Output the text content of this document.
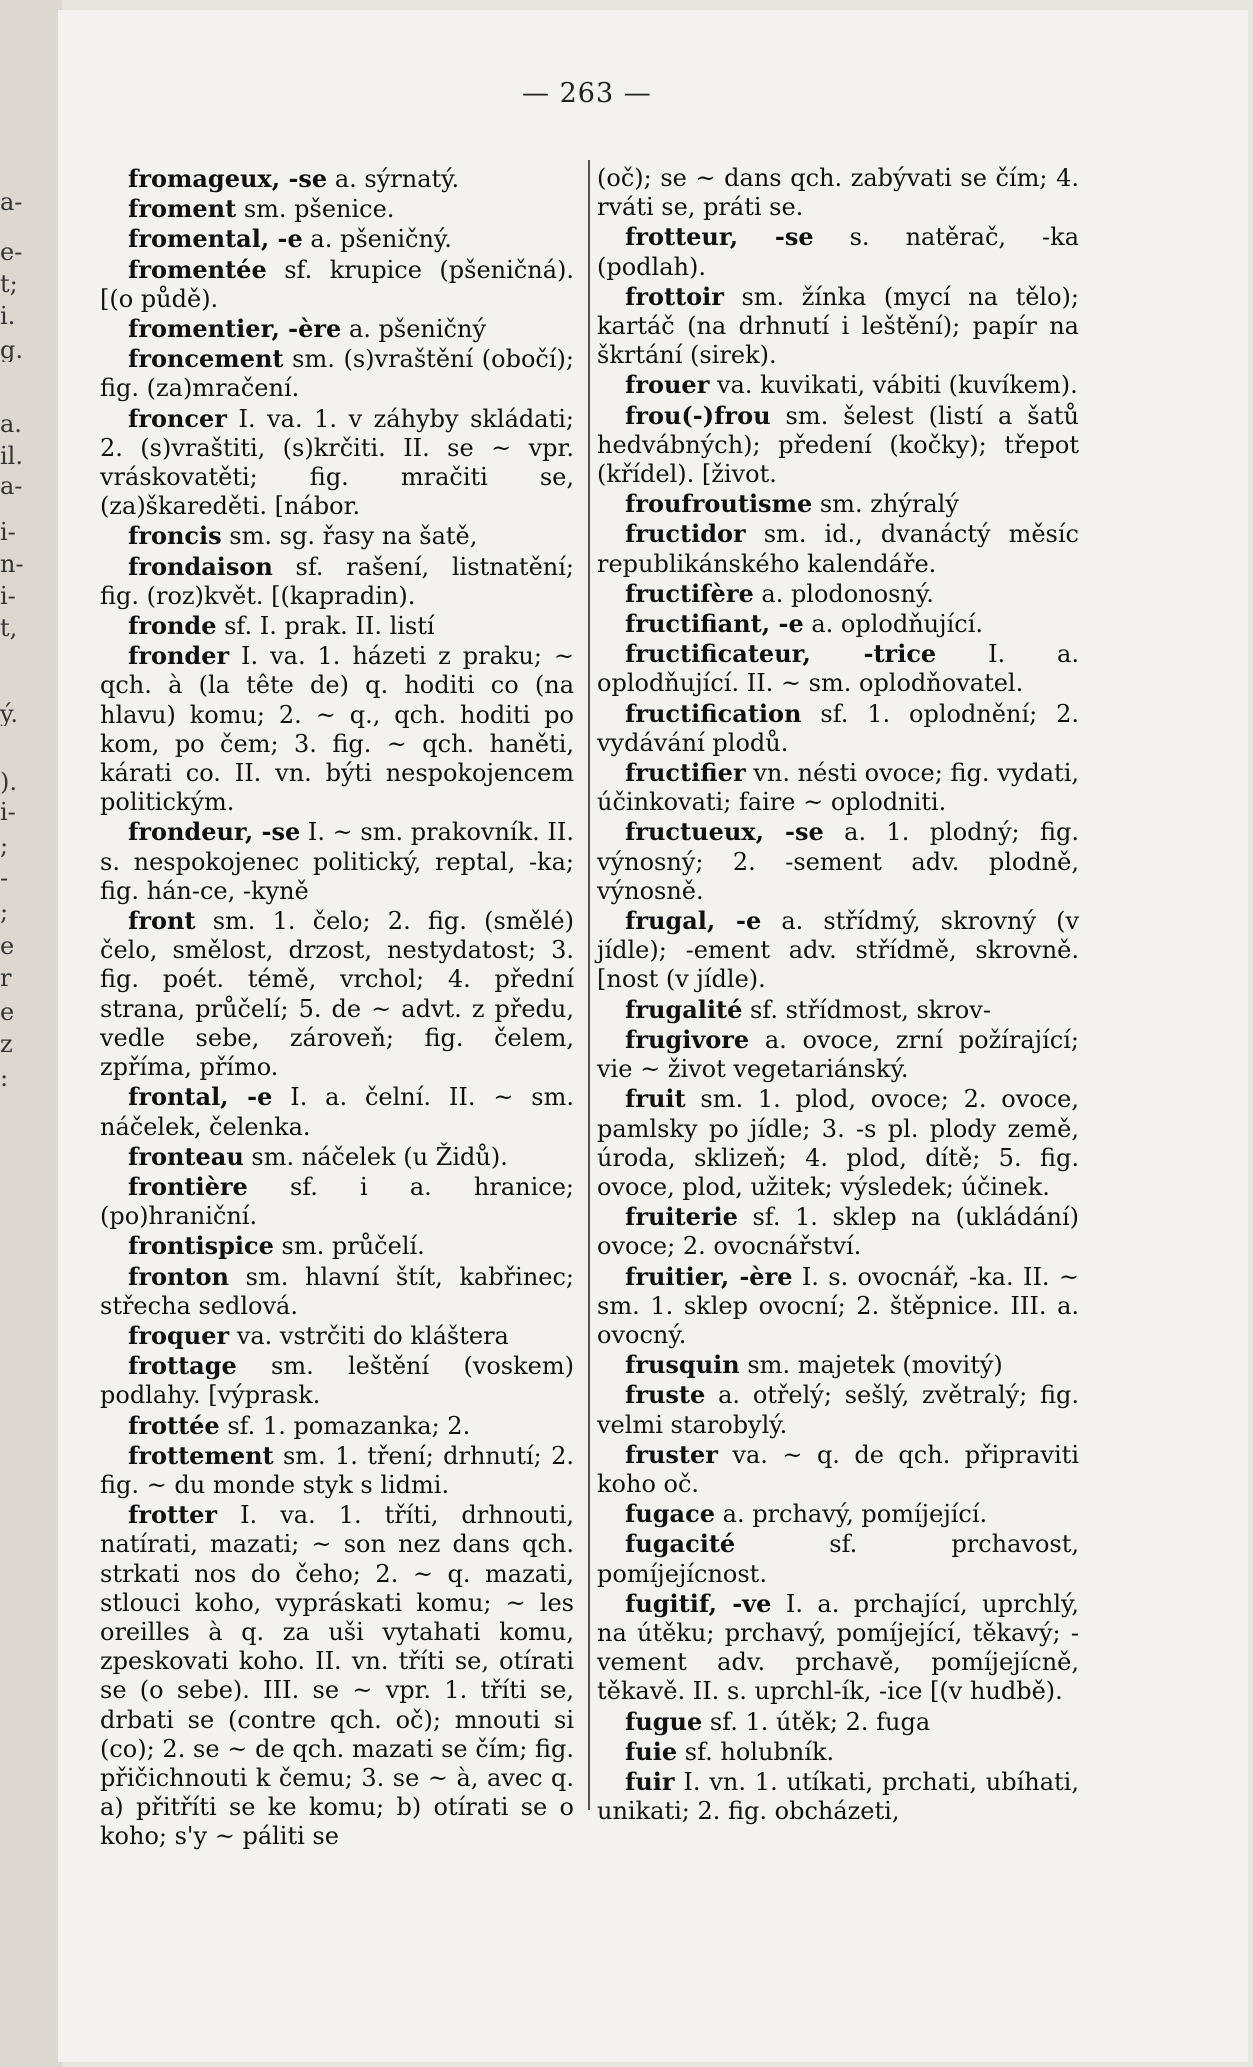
a-
e-
t;
i.
g.
a.
il.
a-
i-
n-
i-
t,
ý.
).
i-
;
-
;
e
r
e
z
:
— 263 —

fromageux, -se a. sýrnatý.

froment sm. pšenice.

fromental, -e a. pšeničný.

fromentée sf. krupice (pšeničná). [(o půdě).

fromentier, -ère a. pšeničný

froncement sm. (s)vraštění (obočí); fig. (za)mračení.

froncer I. va. 1. v záhyby skládati; 2. (s)vraštiti, (s)krčiti. II. se ~ vpr. vráskovatěti; fig. mračiti se, (za)škareděti. [nábor.

froncis sm. sg. řasy na šatě,

frondaison sf. rašení, listnatění; fig. (roz)květ. [(kapradin).

fronde sf. I. prak. II. listí

fronder I. va. 1. házeti z praku; ~ qch. à (la tête de) q. hoditi co (na hlavu) komu; 2. ~ q., qch. hoditi po kom, po čem; 3. fig. ~ qch. haněti, kárati co. II. vn. býti nespokojencem politickým.

frondeur, -se I. ~ sm. prakovník. II. s. nespokojenec politický, reptal, -ka; fig. hán-ce, -kyně

front sm. 1. čelo; 2. fig. (smělé) čelo, smělost, drzost, nestydatost; 3. fig. poét. témě, vrchol; 4. přední strana, průčelí; 5. de ~ advt. z předu, vedle sebe, zároveň; fig. čelem, zpříma, přímo.

frontal, -e I. a. čelní. II. ~ sm. náčelek, čelenka.

fronteau sm. náčelek (u Židů).

frontière sf. i a. hranice; (po)hraniční.

frontispice sm. průčelí.

fronton sm. hlavní štít, kabřinec; střecha sedlová.

froquer va. vstrčiti do kláštera

frottage sm. leštění (voskem) podlahy. [výprask.

frottée sf. 1. pomazanka; 2.

frottement sm. 1. tření; drhnutí; 2. fig. ~ du monde styk s lidmi.

frotter I. va. 1. tříti, drhnouti, natírati, mazati; ~ son nez dans qch. strkati nos do čeho; 2. ~ q. mazati, stlouci koho, vypráskati komu; ~ les oreilles à q. za uši vytahati komu, zpeskovati koho. II. vn. tříti se, otírati se (o sebe). III. se ~ vpr. 1. tříti se, drbati se (contre qch. oč); mnouti si (co); 2. se ~ de qch. mazati se čím; fig. přičichnouti k čemu; 3. se ~ à, avec q. a) přitříti se ke komu; b) otírati se o koho; s'y ~ páliti se

(oč); se ~ dans qch. zabývati se čím; 4. rváti se, práti se.

frotteur, -se s. natěrač, -ka (podlah).

frottoir sm. žínka (mycí na tělo); kartáč (na drhnutí i leštění); papír na škrtání (sirek).

frouer va. kuvikati, vábiti (kuvíkem).

frou(-)frou sm. šelest (listí a šatů hedvábných); předení (kočky); třepot (křídel). [život.

froufroutisme sm. zhýralý

fructidor sm. id., dvanáctý měsíc republikánského kalendáře.

fructifère a. plodonosný.

fructifiant, -e a. oplodňující.

fructificateur, -trice I. a. oplodňující. II. ~ sm. oplodňovatel.

fructification sf. 1. oplodnění; 2. vydávání plodů.

fructifier vn. nésti ovoce; fig. vydati, účinkovati; faire ~ oplodniti.

fructueux, -se a. 1. plodný; fig. výnosný; 2. -sement adv. plodně, výnosně.

frugal, -e a. střídmý, skrovný (v jídle); -ement adv. střídmě, skrovně. [nost (v jídle).

frugalité sf. střídmost, skrov-

frugivore a. ovoce, zrní požírající; vie ~ život vegetariánský.

fruit sm. 1. plod, ovoce; 2. ovoce, pamlsky po jídle; 3. -s pl. plody země, úroda, sklizeň; 4. plod, dítě; 5. fig. ovoce, plod, užitek; výsledek; účinek.

fruiterie sf. 1. sklep na (ukládání) ovoce; 2. ovocnářství.

fruitier, -ère I. s. ovocnář, -ka. II. ~ sm. 1. sklep ovocní; 2. štěpnice. III. a. ovocný.

frusquin sm. majetek (movitý)

fruste a. otřelý; sešlý, zvětralý; fig. velmi starobylý.

fruster va. ~ q. de qch. připraviti koho oč.

fugace a. prchavý, pomíjející.

fugacité sf. prchavost, pomíjejícnost.

fugitif, -ve I. a. prchající, uprchlý, na útěku; prchavý, pomíjející, těkavý; -vement adv. prchavě, pomíjejícně, těkavě. II. s. uprchl-ík, -ice [(v hudbě).

fugue sf. 1. útěk; 2. fuga

fuie sf. holubník.

fuir I. vn. 1. utíkati, prchati, ubíhati, unikati; 2. fig. obcházeti,
